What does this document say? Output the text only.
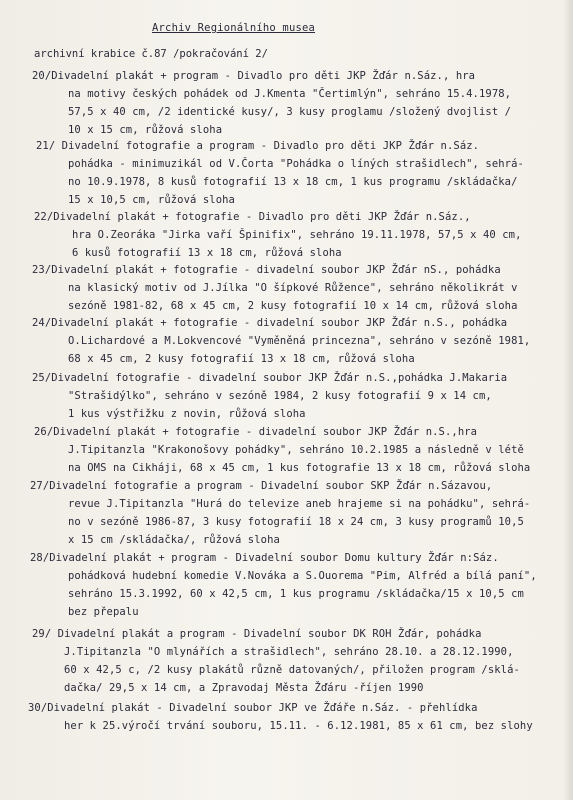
Archiv Regionálního musea
archivní krabice č.87 /pokračování 2/
20/Divadelní plakát + program - Divadlo pro děti JKP Žďár n.Sáz., hra
na motivy českých pohádek od J.Kmenta "Čertimlýn", sehráno 15.4.1978,
57,5 x 40 cm, /2 identické kusy/, 3 kusy proglamu /složený dvojlist /
10 x 15 cm, růžová sloha
21/ Divadelní fotografie a program - Divadlo pro děti JKP Žďár n.Sáz.
pohádka - minimuzikál od V.Čorta "Pohádka o líných strašidlech", sehrá-
no 10.9.1978, 8 kusů fotografií 13 x 18 cm, 1 kus programu /skládačka/
15 x 10,5 cm, růžová sloha
22/Divadelní plakát + fotografie - Divadlo pro děti JKP Žďár n.Sáz.,
hra O.Zeoráka "Jirka vaří Špinifix", sehráno 19.11.1978, 57,5 x 40 cm,
6 kusů fotografií 13 x 18 cm, růžová sloha
23/Divadelní plakát + fotografie - divadelní soubor JKP Žďár nS., pohádka
na klasický motiv od J.Jílka "O šípkové Růžence", sehráno několikrát v
sezóně 1981-82, 68 x 45 cm, 2 kusy fotografií 10 x 14 cm, růžová sloha
24/Divadelní plakát + fotografie - divadelní soubor JKP Žďár n.S., pohádka
O.Lichardové a M.Lokvencové "Vyměněná princezna", sehráno v sezóně 1981,
68 x 45 cm, 2 kusy fotografií 13 x 18 cm, růžová sloha
25/Divadelní fotografie - divadelní soubor JKP Žďár n.S.,pohádka J.Makaria
"Strašidýlko", sehráno v sezóně 1984, 2 kusy fotografií 9 x 14 cm,
1 kus výstřižku z novin, růžová sloha
26/Divadelní plakát + fotografie - divadelní soubor JKP Žďár n.S.,hra
J.Tipitanzla "Krakonošovy pohádky", sehráno 10.2.1985 a následně v létě
na OMS na Cikháji, 68 x 45 cm, 1 kus fotografie 13 x 18 cm, růžová sloha
27/Divadelní fotografie a program - Divadelní soubor SKP Žďár n.Sázavou,
revue J.Tipitanzla "Hurá do televize aneb hrajeme si na pohádku", sehrá-
no v sezóně 1986-87, 3 kusy fotografií 18 x 24 cm, 3 kusy programů 10,5
x 15 cm /skládačka/, růžová sloha
28/Divadelní plakát + program - Divadelní soubor Domu kultury Žďár n:Sáz.
pohádková hudební komedie V.Nováka a S.Ouorema "Pim, Alfréd a bílá paní",
sehráno 15.3.1992, 60 x 42,5 cm, 1 kus programu /skládačka/15 x 10,5 cm
bez přepalu
29/ Divadelní plakát a program - Divadelní soubor DK ROH Žďár, pohádka
J.Tipitanzla "O mlynářích a strašidlech", sehráno 28.10. a 28.12.1990,
60 x 42,5 c, /2 kusy plakátů různě datovaných/, přiložen program /sklá-
dačka/ 29,5 x 14 cm, a Zpravodaj Města Žďáru -říjen 1990
30/Divadelní plakát - Divadelní soubor JKP ve Žďáře n.Sáz. - přehlídka
her k 25.výročí trvání souboru, 15.11. - 6.12.1981, 85 x 61 cm, bez slohy
